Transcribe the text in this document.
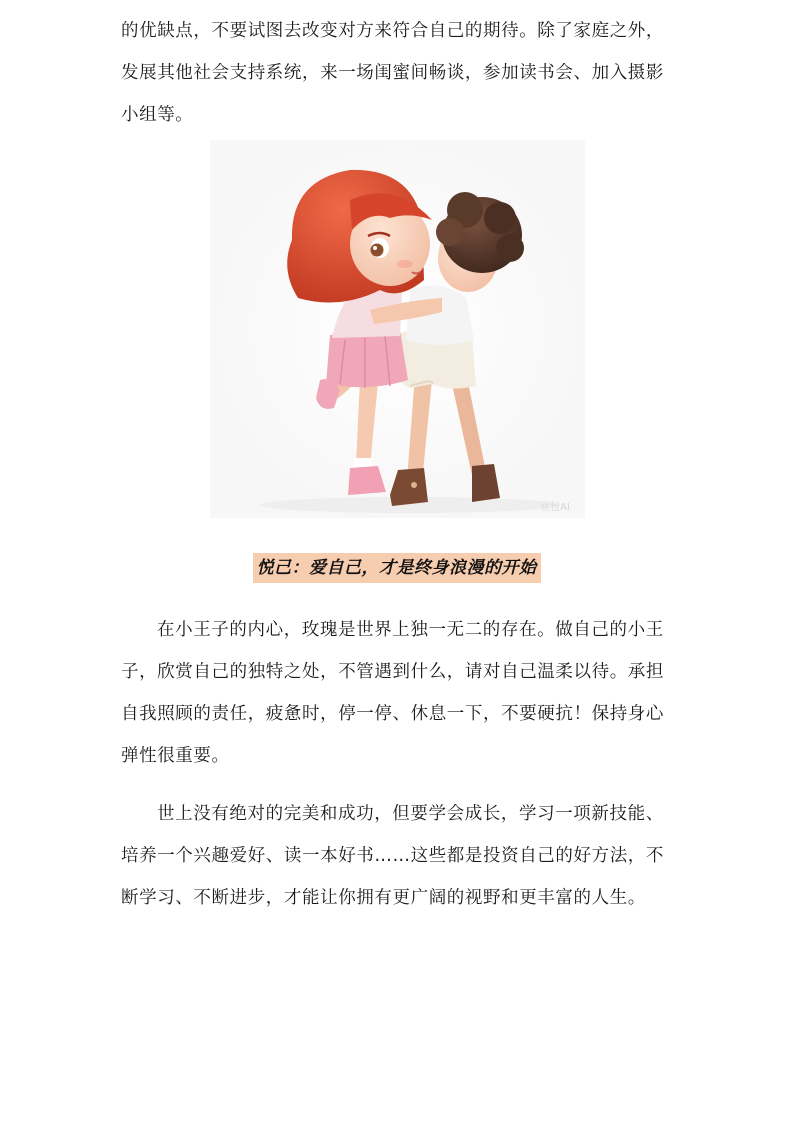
的优缺点，不要试图去改变对方来符合自己的期待。除了家庭之外，发展其他社会支持系统，来一场闺蜜间畅谈，参加读书会、加入摄影小组等。

豆包AI
悦己：爱自己，才是终身浪漫的开始

在小王子的内心，玫瑰是世界上独一无二的存在。做自己的小王子，欣赏自己的独特之处，不管遇到什么，请对自己温柔以待。承担自我照顾的责任，疲惫时，停一停、休息一下，不要硬抗！保持身心弹性很重要。

世上没有绝对的完美和成功，但要学会成长，学习一项新技能、培养一个兴趣爱好、读一本好书……这些都是投资自己的好方法，不断学习、不断进步，才能让你拥有更广阔的视野和更丰富的人生。
